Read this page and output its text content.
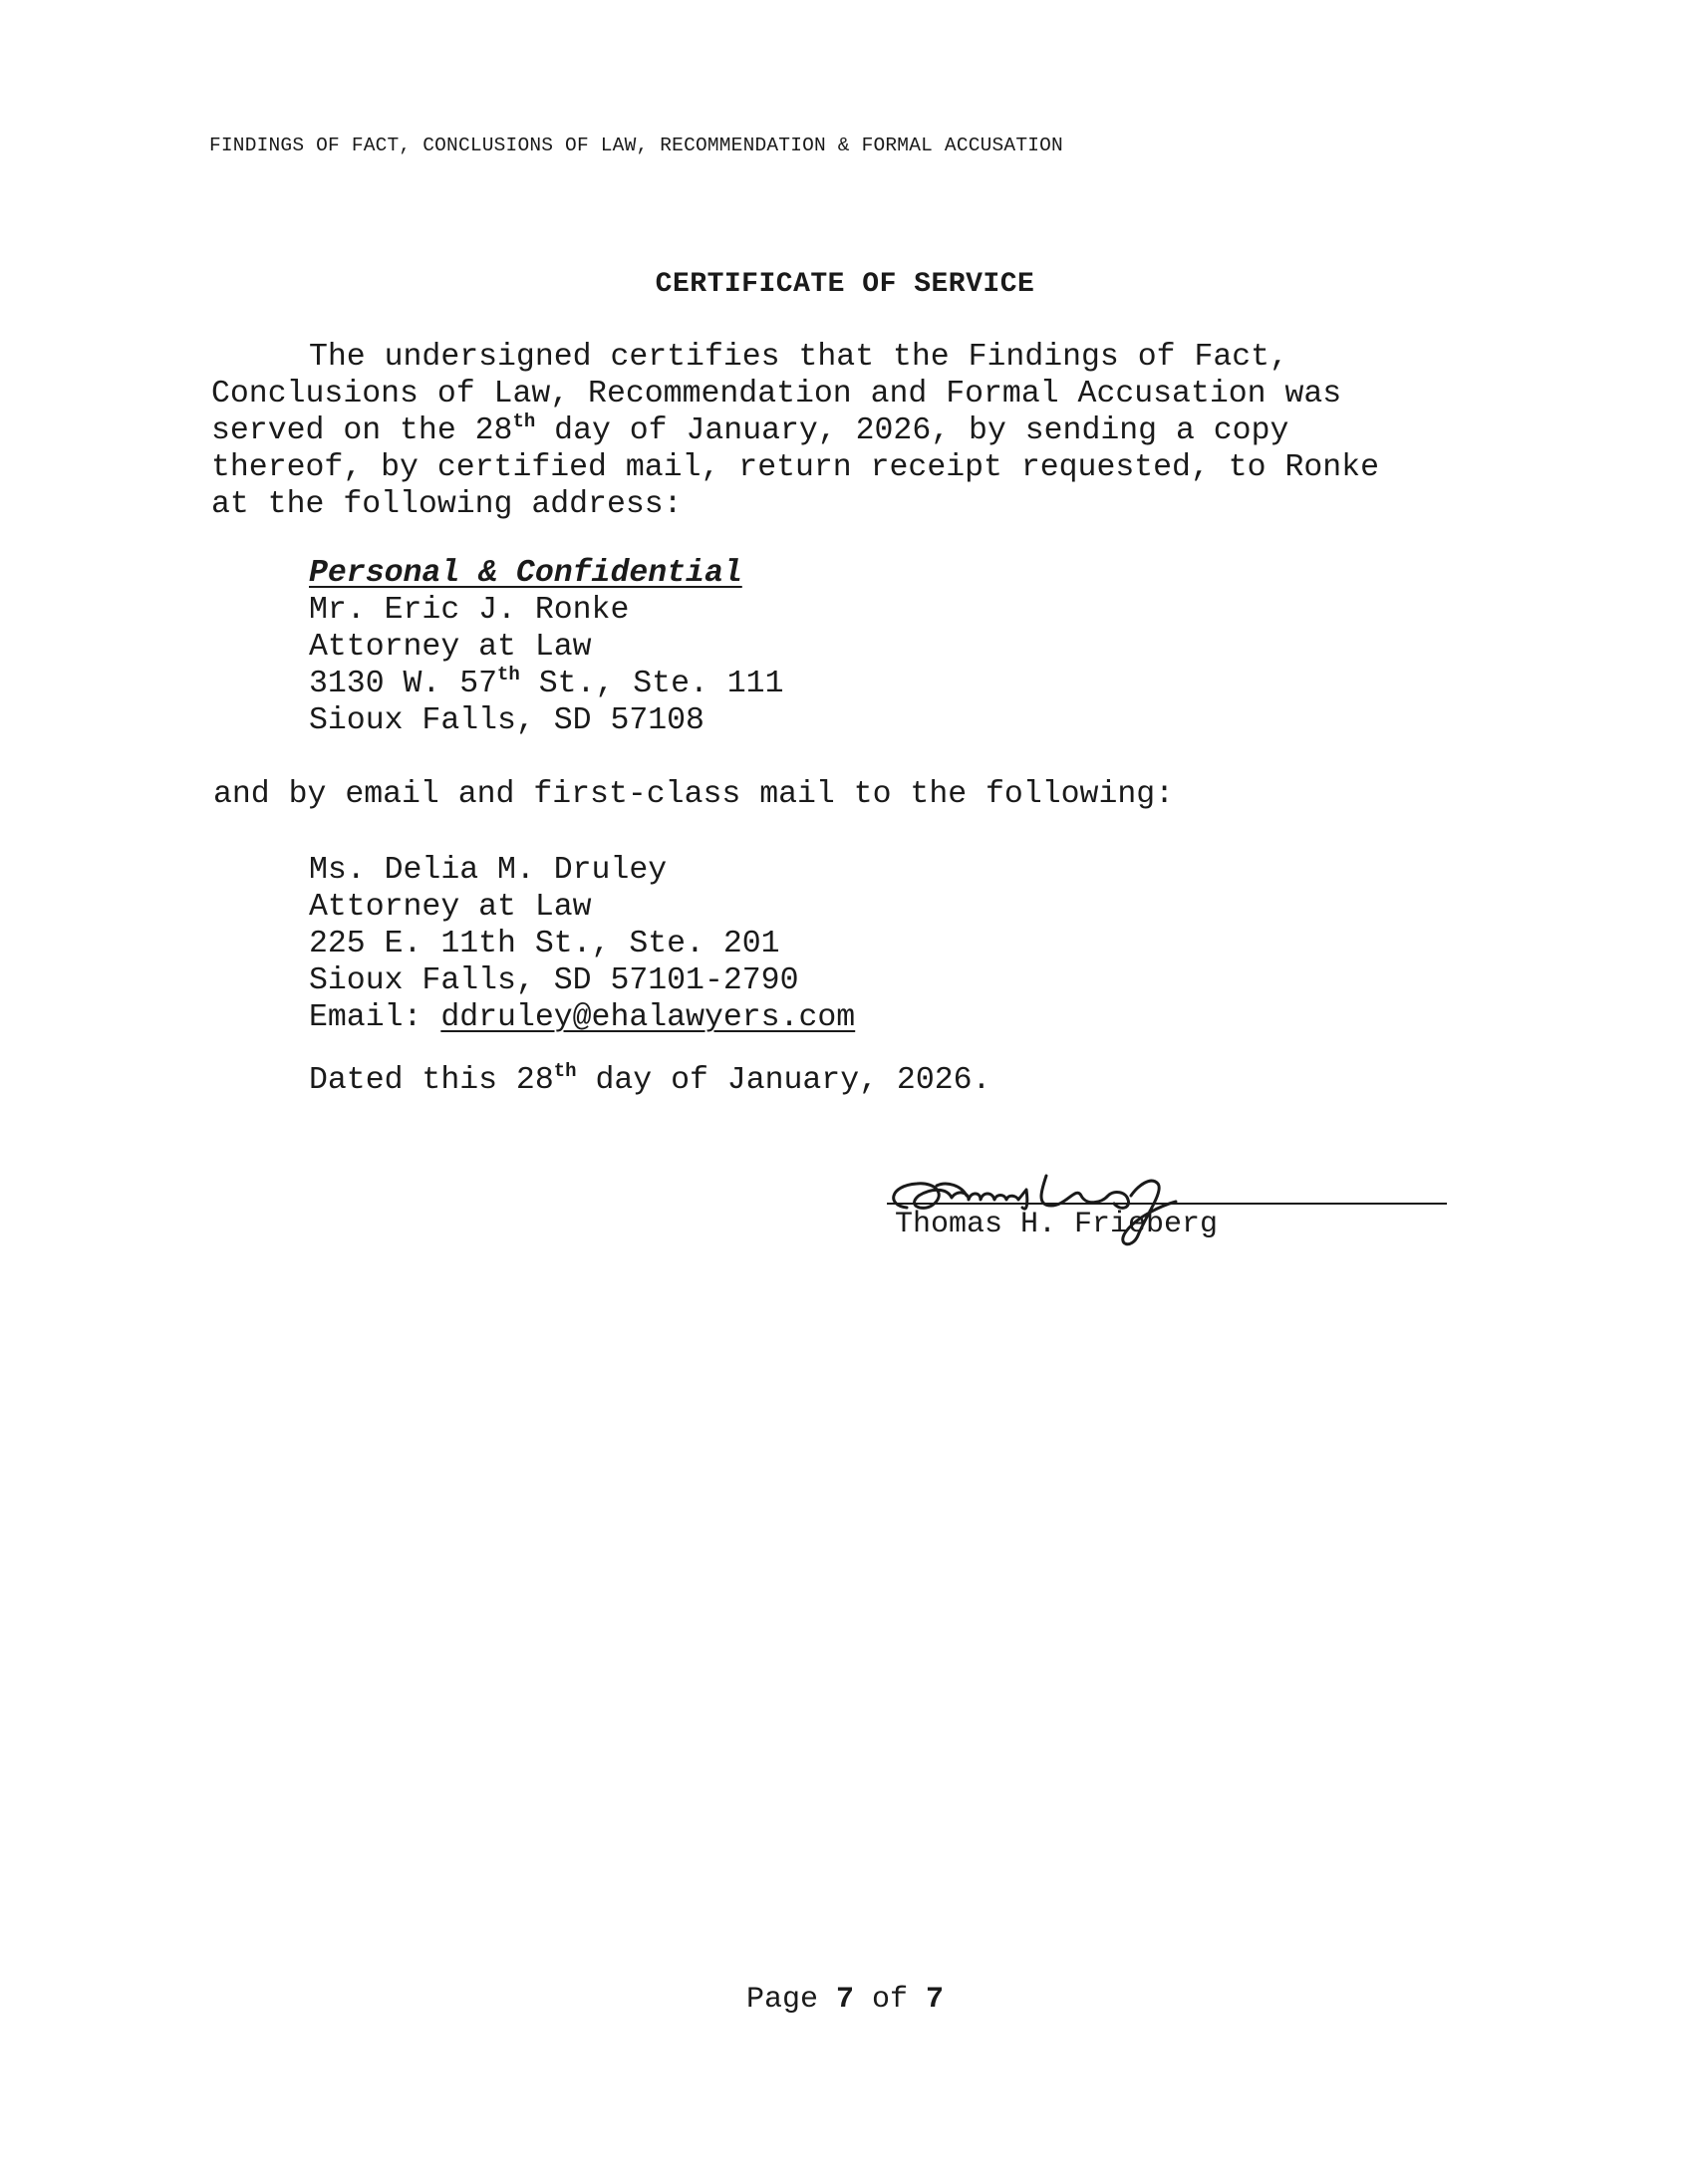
FINDINGS OF FACT, CONCLUSIONS OF LAW, RECOMMENDATION & FORMAL ACCUSATION
CERTIFICATE OF SERVICE
The undersigned certifies that the Findings of Fact,
Conclusions of Law, Recommendation and Formal Accusation was
served on the 28th day of January, 2026, by sending a copy
thereof, by certified mail, return receipt requested, to Ronke
at the following address:
Personal & Confidential
Mr. Eric J. Ronke
Attorney at Law
3130 W. 57th St., Ste. 111
Sioux Falls, SD 57108
and by email and first-class mail to the following:
Ms. Delia M. Druley
Attorney at Law
225 E. 11th St., Ste. 201
Sioux Falls, SD 57101-2790
Email: ddruley@ehalawyers.com
Dated this 28th day of January, 2026.
Thomas H. Frieberg
Page 7 of 7
